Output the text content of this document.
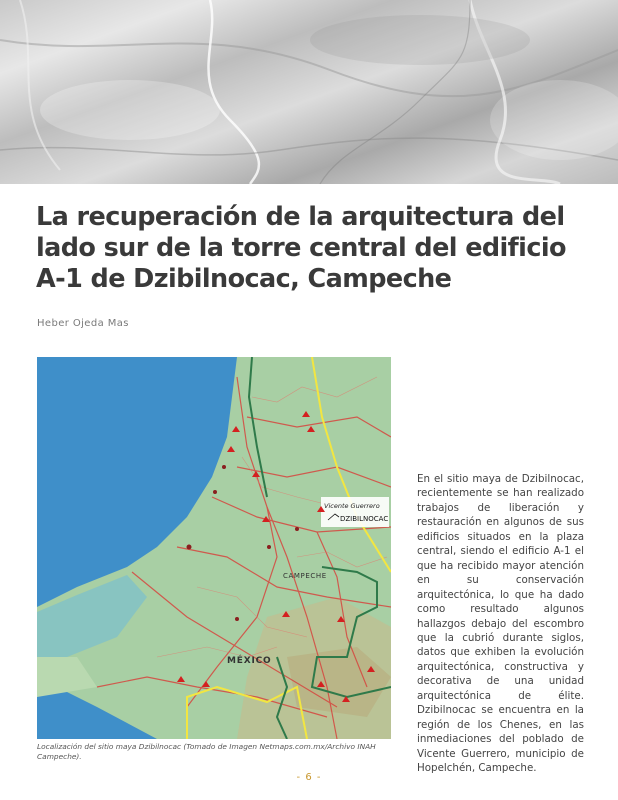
La recuperación de la arquitectura del
lado sur de la torre central del edificio
A-1 de Dzibilnocac, Campeche
Heber Ojeda Mas
Vicente Guerrero
DZIBILNOCAC
CAMPECHE
MÉXICO

Localización del sitio maya Dzibilnocac (Tomado de Imagen Netmaps.com.mx/Archivo INAH Campeche).

En el sitio maya de Dzibilnocac, recientemente se han realizado trabajos de liberación y restauración en algunos de sus edificios situados en la plaza central, siendo el edificio A-1 el que ha recibido mayor atención en su conservación arquitectónica, lo que ha dado como resultado algunos hallazgos debajo del escombro que la cubrió durante siglos, datos que exhiben la evolución arquitectónica, constructiva y decorativa de una unidad arquitectónica de élite. Dzibilnocac se encuentra en la región de los Chenes, en las inmediaciones del poblado de Vicente Guerrero, municipio de Hopelchén, Campeche.

- 6 -
